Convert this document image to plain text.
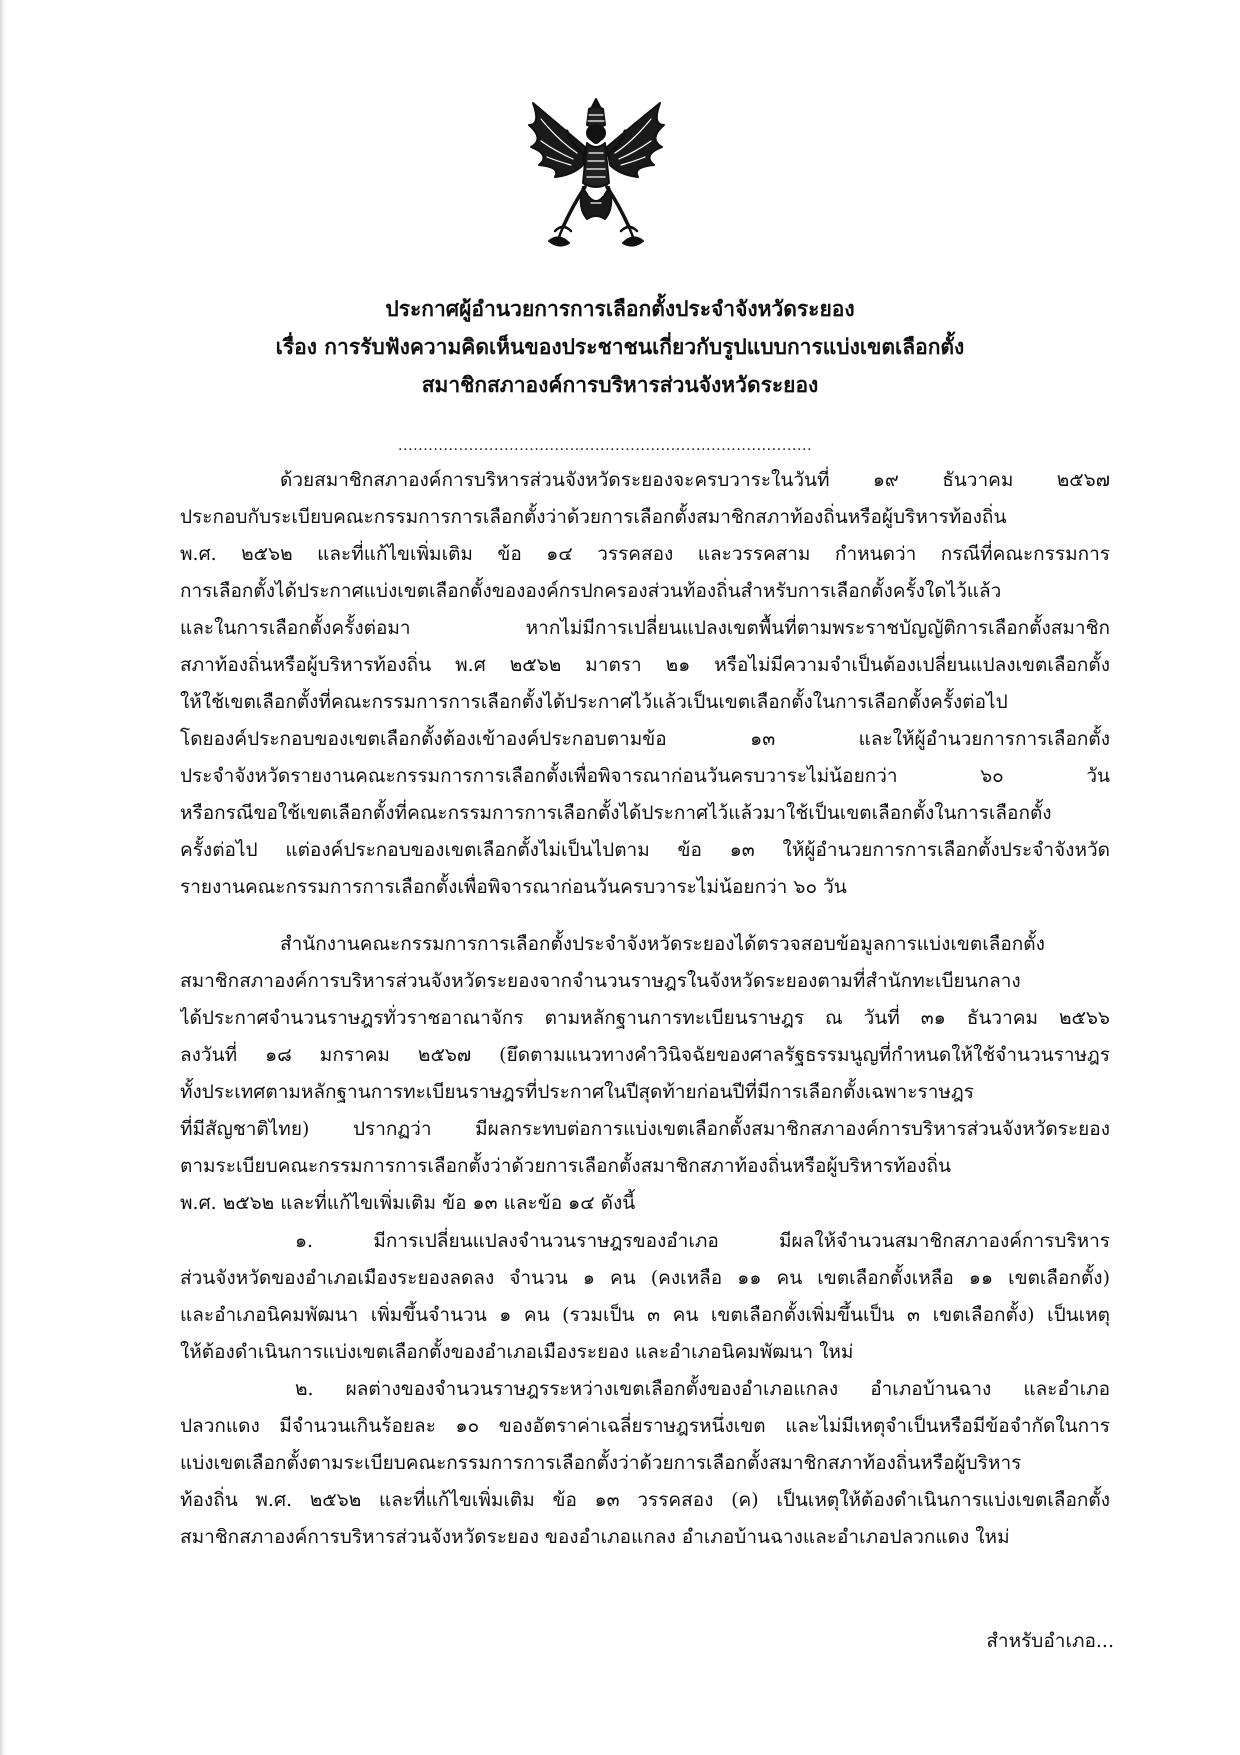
ประกาศผู้อำนวยการการเลือกตั้งประจำจังหวัดระยอง

เรื่อง การรับฟังความคิดเห็นของประชาชนเกี่ยวกับรูปแบบการแบ่งเขตเลือกตั้ง

สมาชิกสภาองค์การบริหารส่วนจังหวัดระยอง

..................................................................................
ด้วยสมาชิกสภาองค์การบริหารส่วนจังหวัดระยองจะครบวาระในวันที่ ๑๙ ธันวาคม ๒๕๖๗
ประกอบกับระเบียบคณะกรรมการการเลือกตั้งว่าด้วยการเลือกตั้งสมาชิกสภาท้องถิ่นหรือผู้บริหารท้องถิ่น
พ.ศ. ๒๕๖๒ และที่แก้ไขเพิ่มเติม ข้อ ๑๔ วรรคสอง และวรรคสาม กำหนดว่า กรณีที่คณะกรรมการ
การเลือกตั้งได้ประกาศแบ่งเขตเลือกตั้งขององค์กรปกครองส่วนท้องถิ่นสำหรับการเลือกตั้งครั้งใดไว้แล้ว
และในการเลือกตั้งครั้งต่อมา หากไม่มีการเปลี่ยนแปลงเขตพื้นที่ตามพระราชบัญญัติการเลือกตั้งสมาชิก
สภาท้องถิ่นหรือผู้บริหารท้องถิ่น พ.ศ ๒๕๖๒ มาตรา ๒๑ หรือไม่มีความจำเป็นต้องเปลี่ยนแปลงเขตเลือกตั้ง
ให้ใช้เขตเลือกตั้งที่คณะกรรมการการเลือกตั้งได้ประกาศไว้แล้วเป็นเขตเลือกตั้งในการเลือกตั้งครั้งต่อไป
โดยองค์ประกอบของเขตเลือกตั้งต้องเข้าองค์ประกอบตามข้อ ๑๓ และให้ผู้อำนวยการการเลือกตั้ง
ประจำจังหวัดรายงานคณะกรรมการการเลือกตั้งเพื่อพิจารณาก่อนวันครบวาระไม่น้อยกว่า ๖๐ วัน
หรือกรณีขอใช้เขตเลือกตั้งที่คณะกรรมการการเลือกตั้งได้ประกาศไว้แล้วมาใช้เป็นเขตเลือกตั้งในการเลือกตั้ง
ครั้งต่อไป แต่องค์ประกอบของเขตเลือกตั้งไม่เป็นไปตาม ข้อ ๑๓ ให้ผู้อำนวยการการเลือกตั้งประจำจังหวัด
รายงานคณะกรรมการการเลือกตั้งเพื่อพิจารณาก่อนวันครบวาระไม่น้อยกว่า ๖๐ วัน
สำนักงานคณะกรรมการการเลือกตั้งประจำจังหวัดระยองได้ตรวจสอบข้อมูลการแบ่งเขตเลือกตั้ง
สมาชิกสภาองค์การบริหารส่วนจังหวัดระยองจากจำนวนราษฎรในจังหวัดระยองตามที่สำนักทะเบียนกลาง
ได้ประกาศจำนวนราษฎรทั่วราชอาณาจักร ตามหลักฐานการทะเบียนราษฎร ณ วันที่ ๓๑ ธันวาคม ๒๕๖๖
ลงวันที่ ๑๘ มกราคม ๒๕๖๗ (ยึดตามแนวทางคำวินิจฉัยของศาลรัฐธรรมนูญที่กำหนดให้ใช้จำนวนราษฎร
ทั้งประเทศตามหลักฐานการทะเบียนราษฎรที่ประกาศในปีสุดท้ายก่อนปีที่มีการเลือกตั้งเฉพาะราษฎร
ที่มีสัญชาติไทย) ปรากฏว่า มีผลกระทบต่อการแบ่งเขตเลือกตั้งสมาชิกสภาองค์การบริหารส่วนจังหวัดระยอง
ตามระเบียบคณะกรรมการการเลือกตั้งว่าด้วยการเลือกตั้งสมาชิกสภาท้องถิ่นหรือผู้บริหารท้องถิ่น
พ.ศ. ๒๕๖๒ และที่แก้ไขเพิ่มเติม ข้อ ๑๓ และข้อ ๑๔ ดังนี้
๑. มีการเปลี่ยนแปลงจำนวนราษฎรของอำเภอ มีผลให้จำนวนสมาชิกสภาองค์การบริหาร
ส่วนจังหวัดของอำเภอเมืองระยองลดลง จำนวน ๑ คน (คงเหลือ ๑๑ คน เขตเลือกตั้งเหลือ ๑๑ เขตเลือกตั้ง)
และอำเภอนิคมพัฒนา เพิ่มขึ้นจำนวน ๑ คน (รวมเป็น ๓ คน เขตเลือกตั้งเพิ่มขึ้นเป็น ๓ เขตเลือกตั้ง) เป็นเหตุ
ให้ต้องดำเนินการแบ่งเขตเลือกตั้งของอำเภอเมืองระยอง และอำเภอนิคมพัฒนา ใหม่
๒. ผลต่างของจำนวนราษฎรระหว่างเขตเลือกตั้งของอำเภอแกลง อำเภอบ้านฉาง และอำเภอ
ปลวกแดง มีจำนวนเกินร้อยละ ๑๐ ของอัตราค่าเฉลี่ยราษฎรหนึ่งเขต และไม่มีเหตุจำเป็นหรือมีข้อจำกัดในการ
แบ่งเขตเลือกตั้งตามระเบียบคณะกรรมการการเลือกตั้งว่าด้วยการเลือกตั้งสมาชิกสภาท้องถิ่นหรือผู้บริหาร
ท้องถิ่น พ.ศ. ๒๕๖๒ และที่แก้ไขเพิ่มเติม ข้อ ๑๓ วรรคสอง (ค) เป็นเหตุให้ต้องดำเนินการแบ่งเขตเลือกตั้ง
สมาชิกสภาองค์การบริหารส่วนจังหวัดระยอง ของอำเภอแกลง อำเภอบ้านฉางและอำเภอปลวกแดง ใหม่
สำหรับอำเภอ...
